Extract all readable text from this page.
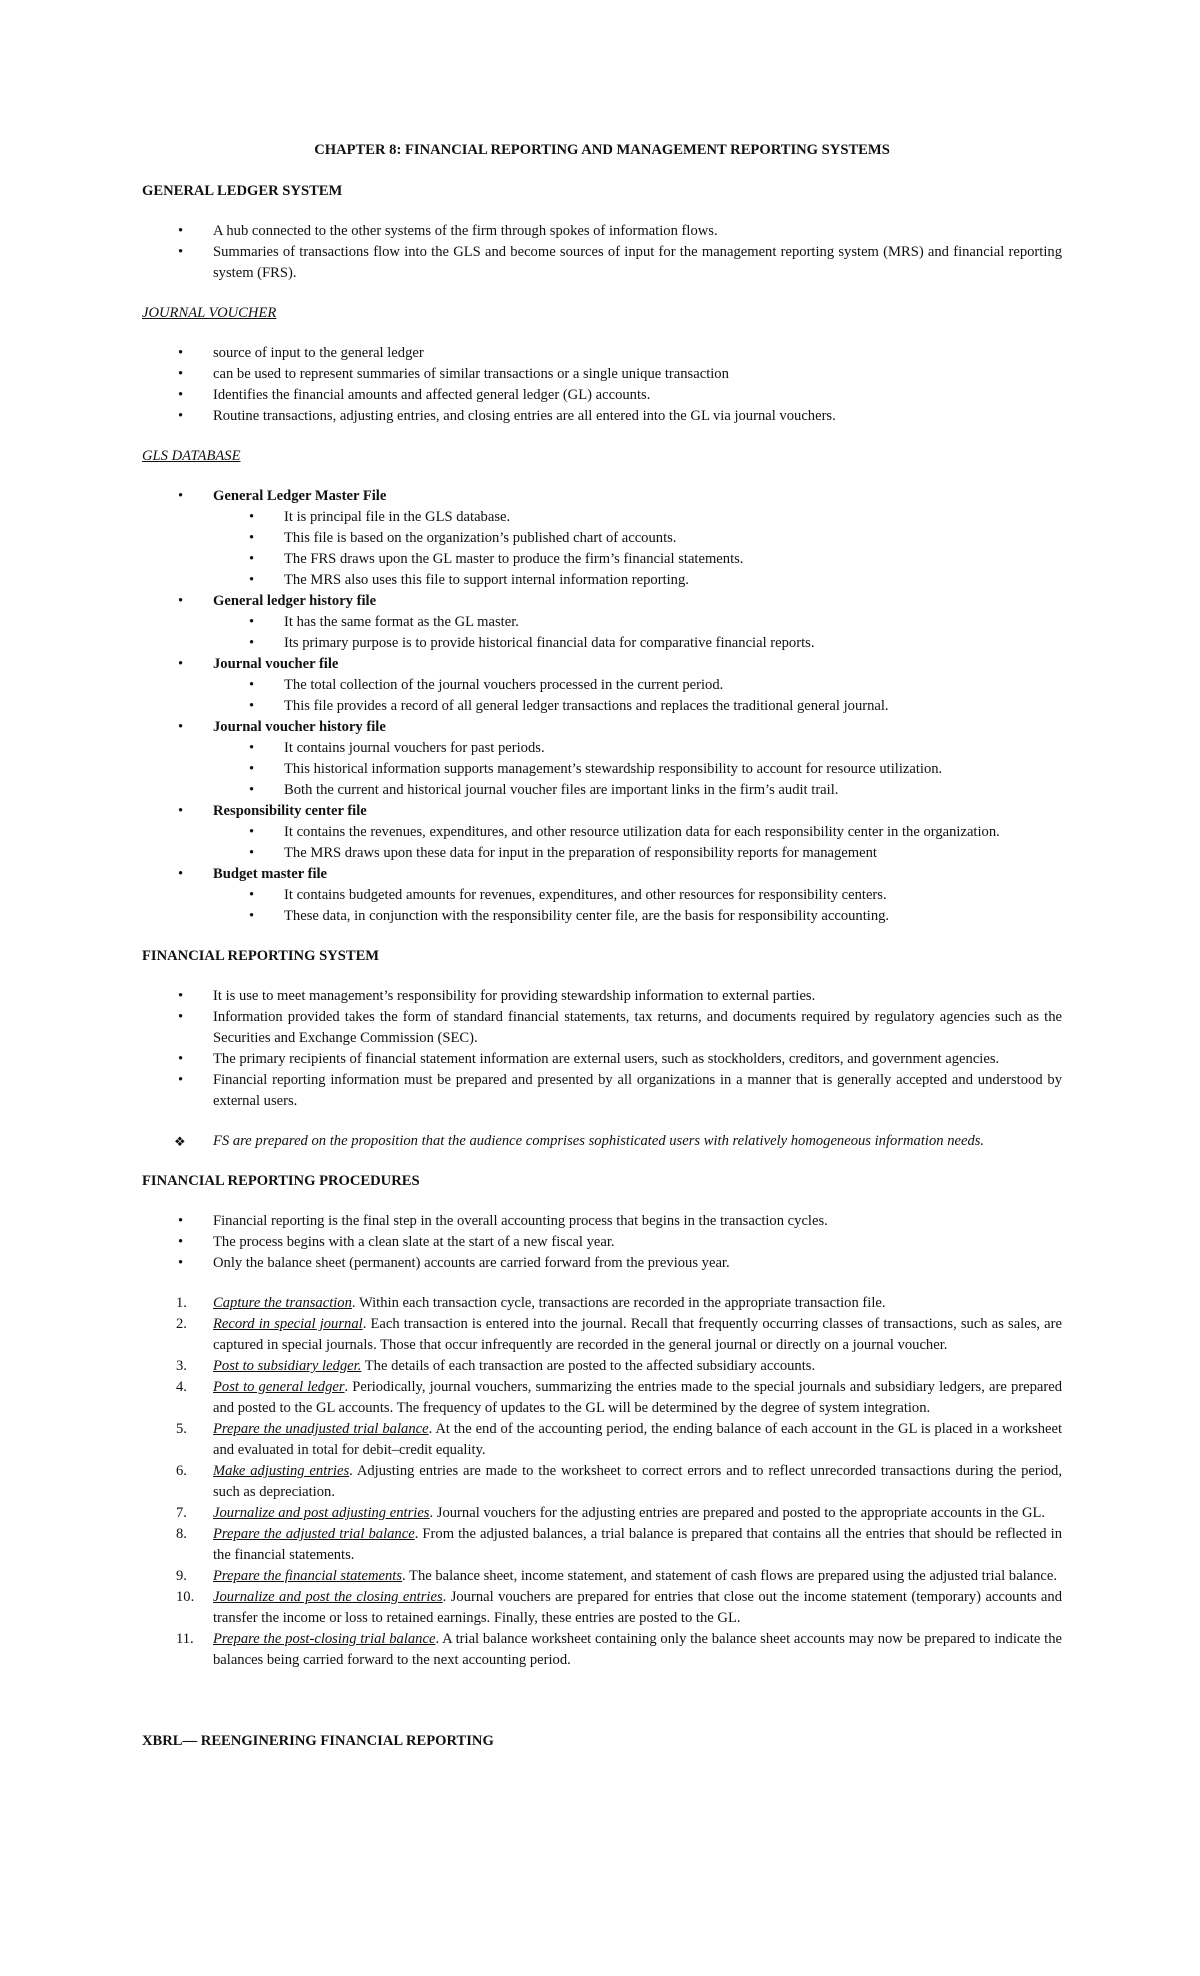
CHAPTER 8: FINANCIAL REPORTING AND MANAGEMENT REPORTING SYSTEMS
GENERAL LEDGER SYSTEM
• A hub connected to the other systems of the firm through spokes of information flows.
• Summaries of transactions flow into the GLS and become sources of input for the management reporting system (MRS) and financial reporting system (FRS).
JOURNAL VOUCHER
• source of input to the general ledger
• can be used to represent summaries of similar transactions or a single unique transaction
• Identifies the financial amounts and affected general ledger (GL) accounts.
• Routine transactions, adjusting entries, and closing entries are all entered into the GL via journal vouchers.
GLS DATABASE
• General Ledger Master File
• It is principal file in the GLS database.
• This file is based on the organization’s published chart of accounts.
• The FRS draws upon the GL master to produce the firm’s financial statements.
• The MRS also uses this file to support internal information reporting.
• General ledger history file
• It has the same format as the GL master.
• Its primary purpose is to provide historical financial data for comparative financial reports.
• Journal voucher file
• The total collection of the journal vouchers processed in the current period.
• This file provides a record of all general ledger transactions and replaces the traditional general journal.
• Journal voucher history file
• It contains journal vouchers for past periods.
• This historical information supports management’s stewardship responsibility to account for resource utilization.
• Both the current and historical journal voucher files are important links in the firm’s audit trail.
• Responsibility center file
• It contains the revenues, expenditures, and other resource utilization data for each responsibility center in the organization.
• The MRS draws upon these data for input in the preparation of responsibility reports for management
• Budget master file
• It contains budgeted amounts for revenues, expenditures, and other resources for responsibility centers.
• These data, in conjunction with the responsibility center file, are the basis for responsibility accounting.
FINANCIAL REPORTING SYSTEM
• It is use to meet management’s responsibility for providing stewardship information to external parties.
• Information provided takes the form of standard financial statements, tax returns, and documents required by regulatory agencies such as the Securities and Exchange Commission (SEC).
• The primary recipients of financial statement information are external users, such as stockholders, creditors, and government agencies.
• Financial reporting information must be prepared and presented by all organizations in a manner that is generally accepted and understood by external users.
❖ FS are prepared on the proposition that the audience comprises sophisticated users with relatively homogeneous information needs.
FINANCIAL REPORTING PROCEDURES
• Financial reporting is the final step in the overall accounting process that begins in the transaction cycles.
• The process begins with a clean slate at the start of a new fiscal year.
• Only the balance sheet (permanent) accounts are carried forward from the previous year.
1. Capture the transaction. Within each transaction cycle, transactions are recorded in the appropriate transaction file.
2. Record in special journal. Each transaction is entered into the journal. Recall that frequently occurring classes of transactions, such as sales, are captured in special journals. Those that occur infrequently are recorded in the general journal or directly on a journal voucher.
3. Post to subsidiary ledger. The details of each transaction are posted to the affected subsidiary accounts.
4. Post to general ledger. Periodically, journal vouchers, summarizing the entries made to the special journals and subsidiary ledgers, are prepared and posted to the GL accounts. The frequency of updates to the GL will be determined by the degree of system integration.
5. Prepare the unadjusted trial balance. At the end of the accounting period, the ending balance of each account in the GL is placed in a worksheet and evaluated in total for debit–credit equality.
6. Make adjusting entries. Adjusting entries are made to the worksheet to correct errors and to reflect unrecorded transactions during the period, such as depreciation.
7. Journalize and post adjusting entries. Journal vouchers for the adjusting entries are prepared and posted to the appropriate accounts in the GL.
8. Prepare the adjusted trial balance. From the adjusted balances, a trial balance is prepared that contains all the entries that should be reflected in the financial statements.
9. Prepare the financial statements. The balance sheet, income statement, and statement of cash flows are prepared using the adjusted trial balance.
10. Journalize and post the closing entries. Journal vouchers are prepared for entries that close out the income statement (temporary) accounts and transfer the income or loss to retained earnings. Finally, these entries are posted to the GL.
11. Prepare the post-closing trial balance. A trial balance worksheet containing only the balance sheet accounts may now be prepared to indicate the balances being carried forward to the next accounting period.
XBRL— REENGINERING FINANCIAL REPORTING
